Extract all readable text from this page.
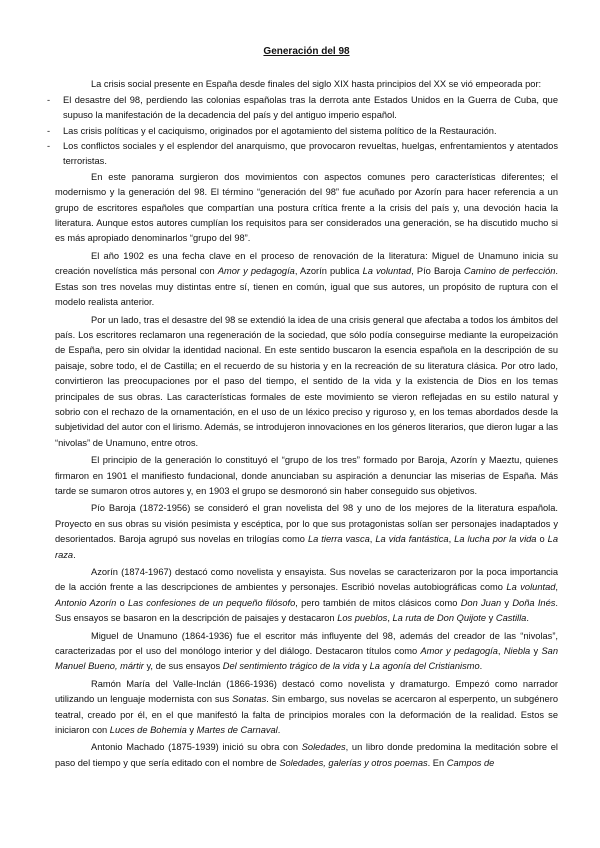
Generación del 98
La crisis social presente en España desde finales del siglo XIX hasta principios del XX se vió empeorada por:
- El desastre del 98, perdiendo las colonias españolas tras la derrota ante Estados Unidos en la Guerra de Cuba, que supuso la manifestación de la decadencia del país y del antiguo imperio español.
- Las crisis políticas y el caciquismo, originados por el agotamiento del sistema político de la Restauración.
- Los conflictos sociales y el esplendor del anarquismo, que provocaron revueltas, huelgas, enfrentamientos y atentados terroristas.

En este panorama surgieron dos movimientos con aspectos comunes pero características diferentes; el modernismo y la generación del 98. El término “generación del 98” fue acuñado por Azorín para hacer referencia a un grupo de escritores españoles que compartían una postura crítica frente a la crisis del país y, una devoción hacia la literatura. Aunque estos autores cumplían los requisitos para ser considerados una generación, se ha discutido mucho si es más apropiado denominarlos “grupo del 98”.

El año 1902 es una fecha clave en el proceso de renovación de la literatura: Miguel de Unamuno inicia su creación novelística más personal con Amor y pedagogía, Azorín publica La voluntad, Pío Baroja Camino de perfección. Estas son tres novelas muy distintas entre sí, tienen en común, igual que sus autores, un propósito de ruptura con el modelo realista anterior.

Por un lado, tras el desastre del 98 se extendió la idea de una crisis general que afectaba a todos los ámbitos del país. Los escritores reclamaron una regeneración de la sociedad, que sólo podía conseguirse mediante la europeización de España, pero sin olvidar la identidad nacional. En este sentido buscaron la esencia española en la descripción de su paisaje, sobre todo, el de Castilla; en el recuerdo de su historia y en la recreación de su literatura clásica. Por otro lado, convirtieron las preocupaciones por el paso del tiempo, el sentido de la vida y la existencia de Dios en los temas principales de sus obras. Las características formales de este movimiento se vieron reflejadas en su estilo natural y sobrio con el rechazo de la ornamentación, en el uso de un léxico preciso y riguroso y, en los temas abordados desde la subjetividad del autor con el lirismo. Además, se introdujeron innovaciones en los géneros literarios, que dieron lugar a las “nivolas” de Unamuno, entre otros.

El principio de la generación lo constituyó el “grupo de los tres” formado por Baroja, Azorín y Maeztu, quienes firmaron en 1901 el manifiesto fundacional, donde anunciaban su aspiración a denunciar las miserias de España. Más tarde se sumaron otros autores y, en 1903 el grupo se desmoronó sin haber conseguido sus objetivos.

Pío Baroja (1872-1956) se consideró el gran novelista del 98 y uno de los mejores de la literatura española. Proyecto en sus obras su visión pesimista y escéptica, por lo que sus protagonistas solían ser personajes inadaptados y desorientados. Baroja agrupó sus novelas en trilogías como La tierra vasca, La vida fantástica, La lucha por la vida o La raza.

Azorín (1874-1967) destacó como novelista y ensayista. Sus novelas se caracterizaron por la poca importancia de la acción frente a las descripciones de ambientes y personajes. Escribió novelas autobiográficas como La voluntad, Antonio Azorín o Las confesiones de un pequeño filósofo, pero también de mitos clásicos como Don Juan y Doña Inés. Sus ensayos se basaron en la descripción de paisajes y destacaron Los pueblos, La ruta de Don Quijote y Castilla.

Miguel de Unamuno (1864-1936) fue el escritor más influyente del 98, además del creador de las “nivolas”, caracterizadas por el uso del monólogo interior y del diálogo. Destacaron títulos como Amor y pedagogía, Niebla y San Manuel Bueno, mártir y, de sus ensayos Del sentimiento trágico de la vida y La agonía del Cristianismo.

Ramón María del Valle-Inclán (1866-1936) destacó como novelista y dramaturgo. Empezó como narrador utilizando un lenguaje modernista con sus Sonatas. Sin embargo, sus novelas se acercaron al esperpento, un subgénero teatral, creado por él, en el que manifestó la falta de principios morales con la deformación de la realidad. Estos se iniciaron con Luces de Bohemia y Martes de Carnaval.

Antonio Machado (1875-1939) inició su obra con Soledades, un libro donde predomina la meditación sobre el paso del tiempo y que sería editado con el nombre de Soledades, galerías y otros poemas. En Campos de
